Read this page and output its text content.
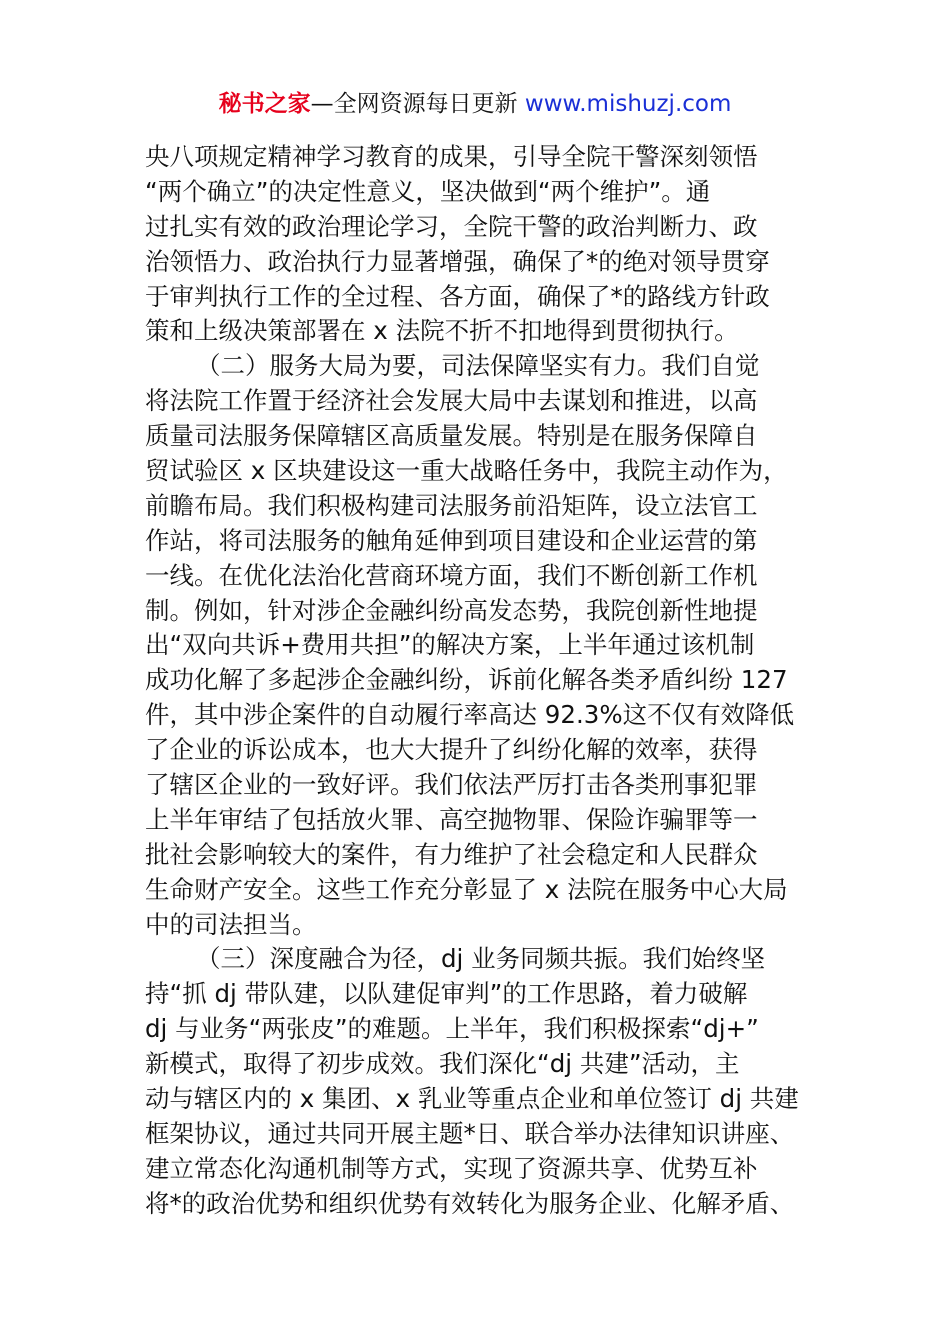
秘书之家—全网资源每日更新 www.mishuzj.com
央八项规定精神学习教育的成果，引导全院干警深刻领悟
“两个确立”的决定性意义，坚决做到“两个维护”。通
过扎实有效的政治理论学习，全院干警的政治判断力、政
治领悟力、政治执行力显著增强，确保了*的绝对领导贯穿
于审判执行工作的全过程、各方面，确保了*的路线方针政
策和上级决策部署在 x 法院不折不扣地得到贯彻执行。
（二）服务大局为要，司法保障坚实有力。我们自觉
将法院工作置于经济社会发展大局中去谋划和推进，以高
质量司法服务保障辖区高质量发展。特别是在服务保障自
贸试验区 x 区块建设这一重大战略任务中，我院主动作为，
前瞻布局。我们积极构建司法服务前沿矩阵，设立法官工
作站，将司法服务的触角延伸到项目建设和企业运营的第
一线。在优化法治化营商环境方面，我们不断创新工作机
制。例如，针对涉企金融纠纷高发态势，我院创新性地提
出“双向共诉+费用共担”的解决方案，上半年通过该机制
成功化解了多起涉企金融纠纷，诉前化解各类矛盾纠纷 127
件，其中涉企案件的自动履行率高达 92.3%这不仅有效降低
了企业的诉讼成本，也大大提升了纠纷化解的效率，获得
了辖区企业的一致好评。我们依法严厉打击各类刑事犯罪
上半年审结了包括放火罪、高空抛物罪、保险诈骗罪等一
批社会影响较大的案件，有力维护了社会稳定和人民群众
生命财产安全。这些工作充分彰显了 x 法院在服务中心大局
中的司法担当。
（三）深度融合为径，dj 业务同频共振。我们始终坚
持“抓 dj 带队建，以队建促审判”的工作思路，着力破解
dj 与业务“两张皮”的难题。上半年，我们积极探索“dj+”
新模式，取得了初步成效。我们深化“dj 共建”活动，主
动与辖区内的 x 集团、x 乳业等重点企业和单位签订 dj 共建
框架协议，通过共同开展主题*日、联合举办法律知识讲座、
建立常态化沟通机制等方式，实现了资源共享、优势互补
将*的政治优势和组织优势有效转化为服务企业、化解矛盾、
